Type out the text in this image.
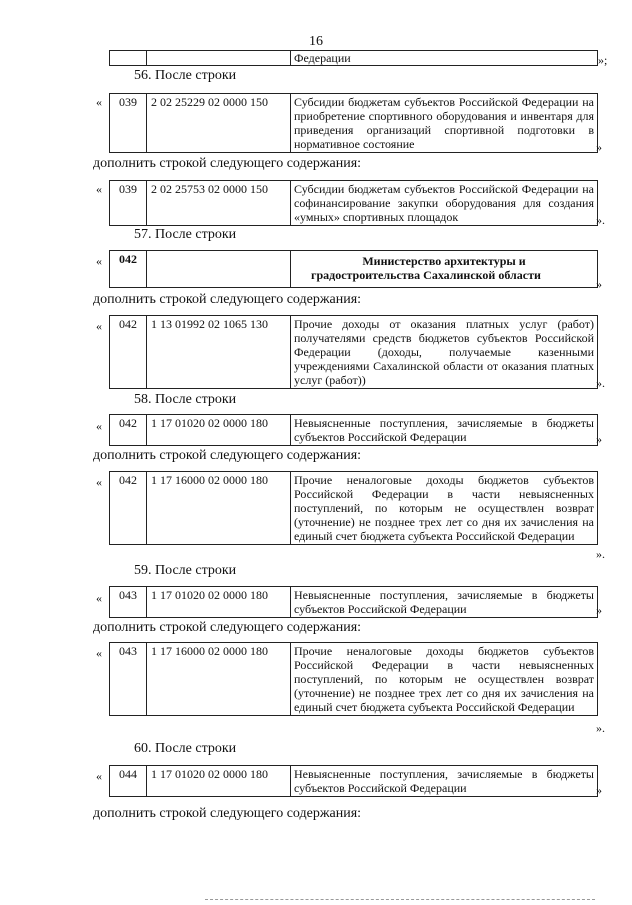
16
		Федерации	»;
56. После строки
« 039	2 02 25229 02 0000 150	Субсидии бюджетам субъектов Российской Федерации на приобретение спортивного оборудования и инвентаря для приведения организаций спортивной подготовки в нормативное состояние	»
дополнить строкой следующего содержания:
« 039	2 02 25753 02 0000 150	Субсидии бюджетам субъектов Российской Федерации на софинансирование закупки оборудования для создания «умных» спортивных площадок	».
57. После строки
« 042		Министерство архитектуры и градостроительства Сахалинской области
»
дополнить строкой следующего содержания:
« 042	1 13 01992 02 1065 130	Прочие доходы от оказания платных услуг (работ) получателями средств бюджетов субъектов Российской Федерации (доходы, получаемые казенными учреждениями Сахалинской области от оказания платных услуг (работ))	».
58. После строки
« 042	1 17 01020 02 0000 180	Невыясненные поступления, зачисляемые в бюджеты субъектов Российской Федерации	»
дополнить строкой следующего содержания:
« 042	1 17 16000 02 0000 180	Прочие неналоговые доходы бюджетов субъектов Российской Федерации в части невыясненных поступлений, по которым не осуществлен возврат (уточнение) не позднее трех лет со дня их зачисления на единый счет бюджета субъекта Российской Федерации
».
59. После строки
« 043	1 17 01020 02 0000 180	Невыясненные поступления, зачисляемые в бюджеты субъектов Российской Федерации	»
дополнить строкой следующего содержания:
« 043	1 17 16000 02 0000 180	Прочие неналоговые доходы бюджетов субъектов Российской Федерации в части невыясненных поступлений, по которым не осуществлен возврат (уточнение) не позднее трех лет со дня их зачисления на единый счет бюджета субъекта Российской Федерации
».
60. После строки
« 044	1 17 01020 02 0000 180	Невыясненные поступления, зачисляемые в бюджеты субъектов Российской Федерации	»
дополнить строкой следующего содержания:
